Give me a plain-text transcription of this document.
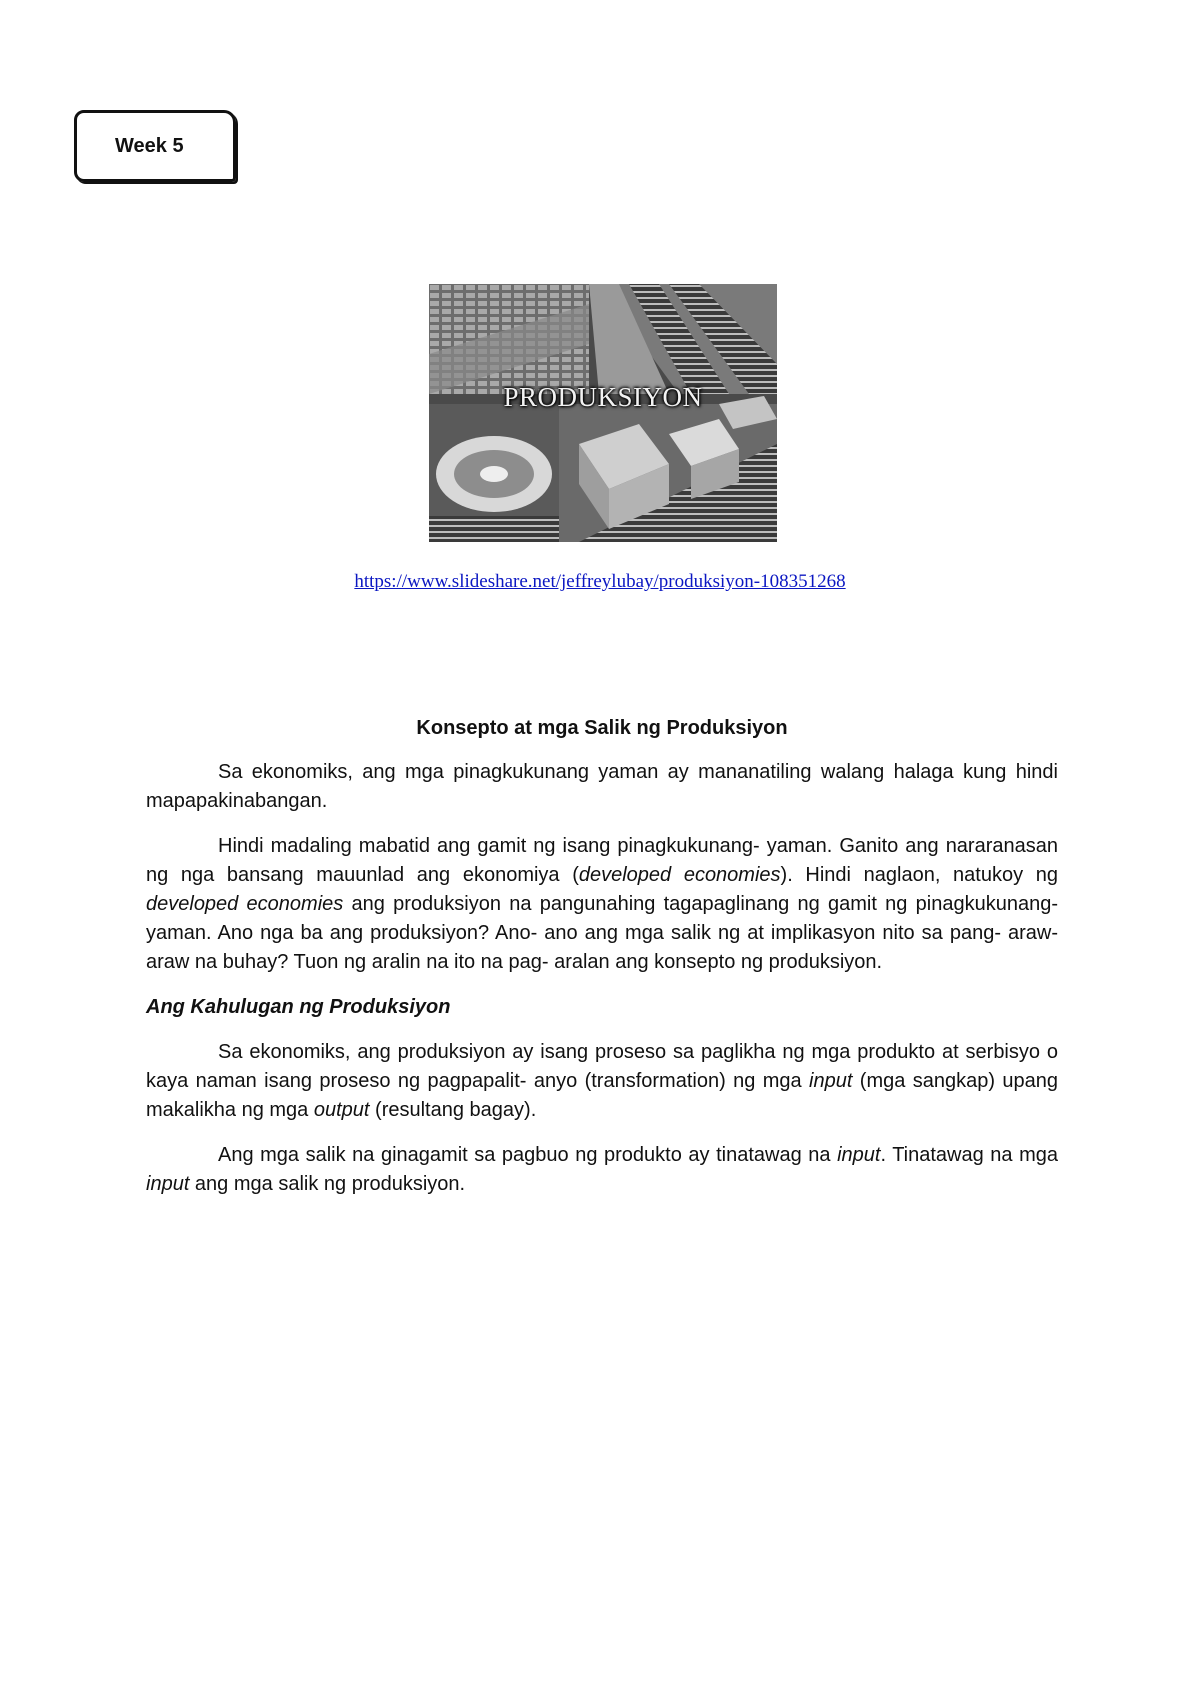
Week 5
PRODUKSIYON
https://www.slideshare.net/jeffreylubay/produksiyon-108351268

Konsepto at mga Salik ng Produksiyon

Sa ekonomiks, ang mga pinagkukunang yaman ay mananatiling walang halaga kung hindi mapapakinabangan.

Hindi madaling mabatid ang gamit ng isang pinagkukunang- yaman. Ganito ang nararanasan ng nga bansang mauunlad ang ekonomiya (developed economies). Hindi naglaon, natukoy ng developed economies ang produksiyon na pangunahing tagapaglinang ng gamit ng pinagkukunang- yaman. Ano nga ba ang produksiyon? Ano- ano ang mga salik ng at implikasyon nito sa pang- araw- araw na buhay? Tuon ng aralin na ito na pag- aralan ang konsepto ng produksiyon.

Ang Kahulugan ng Produksiyon

Sa ekonomiks, ang produksiyon ay isang proseso sa paglikha ng mga produkto at serbisyo o kaya naman isang proseso ng pagpapalit- anyo (transformation) ng mga input (mga sangkap) upang makalikha ng mga output (resultang bagay).

Ang mga salik na ginagamit sa pagbuo ng produkto ay tinatawag na input. Tinatawag na mga input ang mga salik ng produksiyon.
